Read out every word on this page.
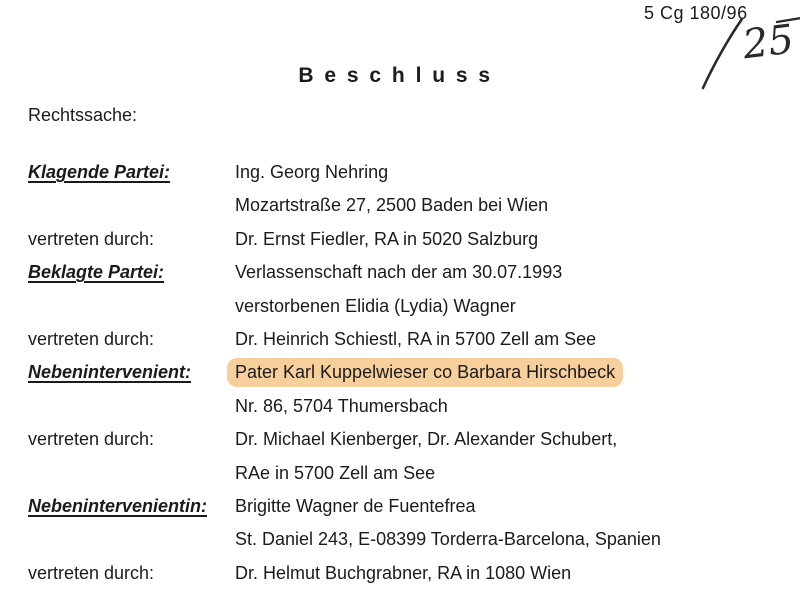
5 Cg 180/96
25
B e s c h l u s s
Rechtssache:
Klagende Partei:	Ing. Georg Nehring
Mozartstraße 27, 2500 Baden bei Wien
vertreten durch:	Dr. Ernst Fiedler, RA in 5020 Salzburg
Beklagte Partei:	Verlassenschaft nach der am 30.07.1993
verstorbenen Elidia (Lydia) Wagner
vertreten durch:	Dr. Heinrich Schiestl, RA in 5700 Zell am See
Nebenintervenient:	Pater Karl Kuppelwieser co Barbara Hirschbeck
Nr. 86, 5704 Thumersbach
vertreten durch:	Dr. Michael Kienberger, Dr. Alexander Schubert,
RAe in 5700 Zell am See
Nebenintervenientin:	Brigitte Wagner de Fuentefrea
St. Daniel 243, E-08399 Torderra-Barcelona, Spanien
vertreten durch:	Dr. Helmut Buchgrabner, RA in 1080 Wien
